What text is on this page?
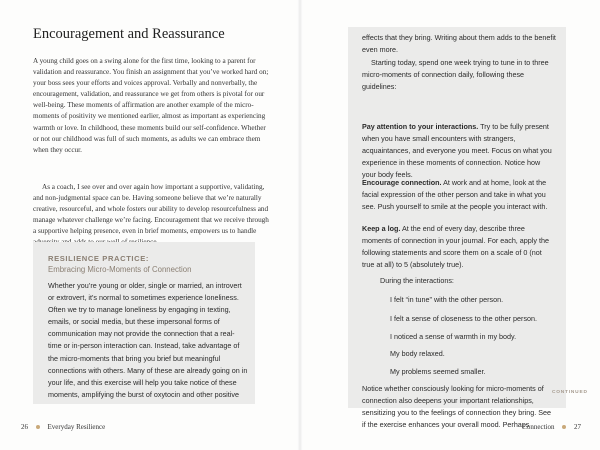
Encouragement and Reassurance

A young child goes on a swing alone for the first time, looking to a parent for validation and reassurance. You finish an assignment that you’ve worked hard on; your boss sees your efforts and voices approval. Verbally and nonverbally, the encouragement, validation, and reassurance we get from others is pivotal for our well-being. These moments of affirmation are another example of the micro-moments of positivity we mentioned earlier, almost as important as experiencing warmth or love. In childhood, these moments build our self-confidence. Whether or not our childhood was full of such moments, as adults we can embrace them when they occur.

As a coach, I see over and over again how important a supportive, validating, and non-judgmental space can be. Having someone believe that we’re naturally creative, resourceful, and whole fosters our ability to develop resourcefulness and manage whatever challenge we’re facing. Encouragement that we receive through a supportive helping presence, even in brief moments, empowers us to handle

RESILIENCE PRACTICE:

Embracing Micro-Moments of Connection

Whether you’re young or older, single or married, an introvert or extrovert, it’s normal to sometimes experience loneliness. Often we try to manage loneliness by engaging in texting, emails, or social media, but these impersonal forms of communication may not provide the connection that a real-time or in-person interaction can. Instead, take advantage of the micro-moments that bring you brief but meaningful connections with others. Many of these are already going on in your life, and this exercise will help you take notice of these moments, amplifying the burst of oxytocin and other positive

26	Everyday Resilience

effects that they bring. Writing about them adds to the benefit even more.

Starting today, spend one week trying to tune in to three micro-moments of connection daily, following these guidelines:

Pay attention to your interactions. Try to be fully present when you have small encounters with strangers, acquaintances, and everyone you meet. Focus on what you experience in these moments of connection. Notice how your body feels.

Encourage connection. At work and at home, look at the facial expression of the other person and take in what you see. Push yourself to smile at the people you interact with.

Keep a log. At the end of every day, describe three moments of connection in your journal. For each, apply the following statements and score them on a scale of 0 (not true at all) to 5 (absolutely true).

During the interactions:

I felt “in tune” with the other person.

I felt a sense of closeness to the other person.

I noticed a sense of warmth in my body.

My body relaxed.

My problems seemed smaller.

Notice whether consciously looking for micro-moments of connection also deepens your important relationships, sensitizing you to the feelings of connection they bring. See if the exercise enhances your overall mood. Perhaps

CONTINUED
Connection	27
